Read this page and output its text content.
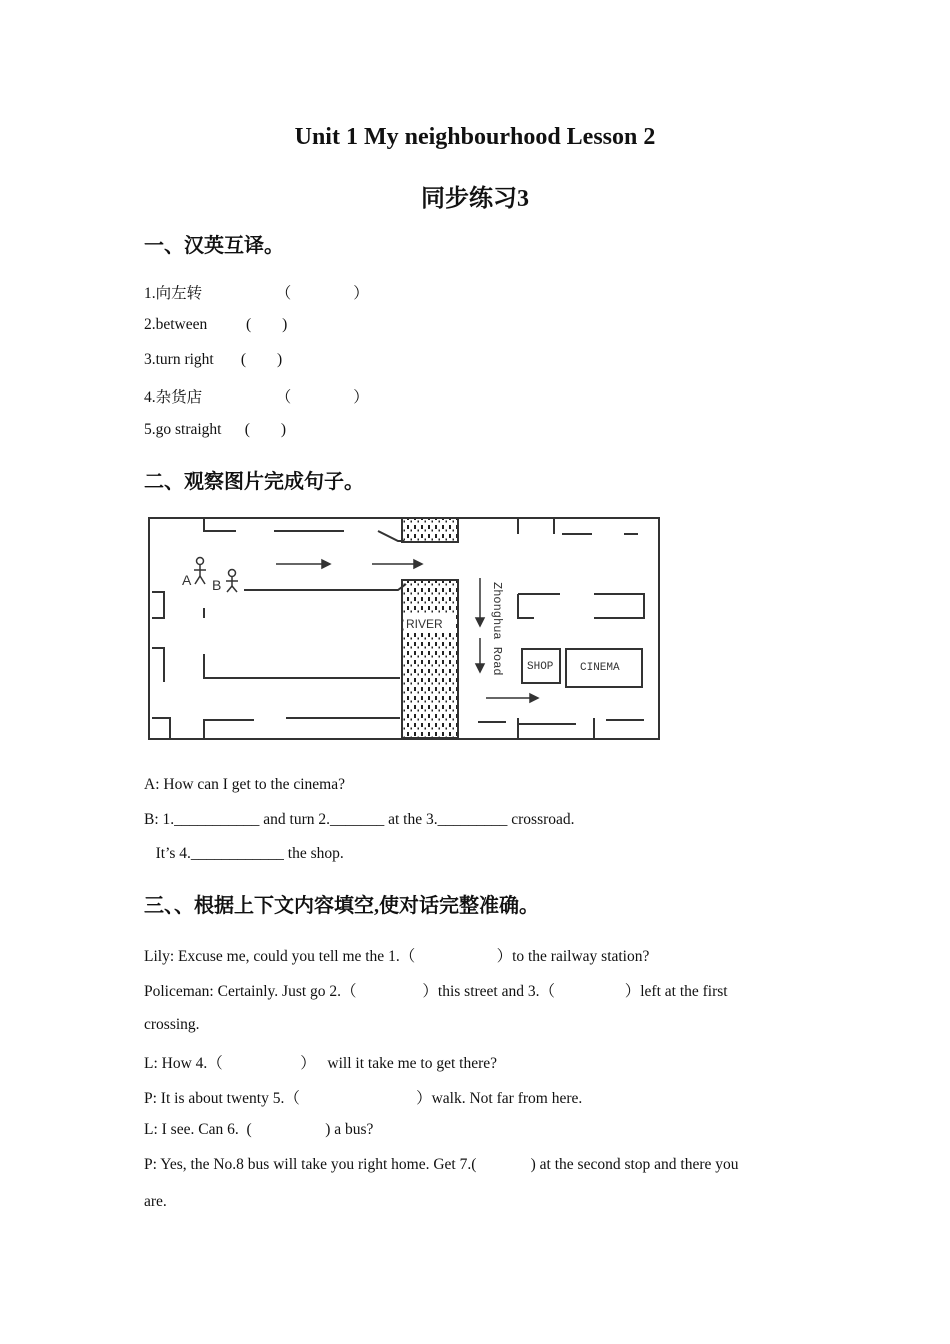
Unit 1 My neighbourhood Lesson 2
同步练习3
一、汉英互译。
1.向左转                   （                ）
2.between          (        )
3.turn right       (        )
4.杂货店                   （                ）
5.go straight      (        )
二、观察图片完成句子。
RIVER
A B	Zhonghua Road SHOP CINEMA
A: How can I get to the cinema?
B: 1.___________ and turn 2._______ at the 3._________ crossroad.
It’s 4.____________ the shop.
三、、根据上下文内容填空,使对话完整准确。
Lily: Excuse me, could you tell me the 1.（                     ）to the railway station?
Policeman: Certainly. Just go 2.（                 ）this street and 3.（                  ）left at the first
crossing.
L: How 4.（                    ）   will it take me to get there?
P: It is about twenty 5.（                              ）walk. Not far from here.
L: I see. Can 6.  (                   ) a bus?
P: Yes, the No.8 bus will take you right home. Get 7.(              ) at the second stop and there you
are.
